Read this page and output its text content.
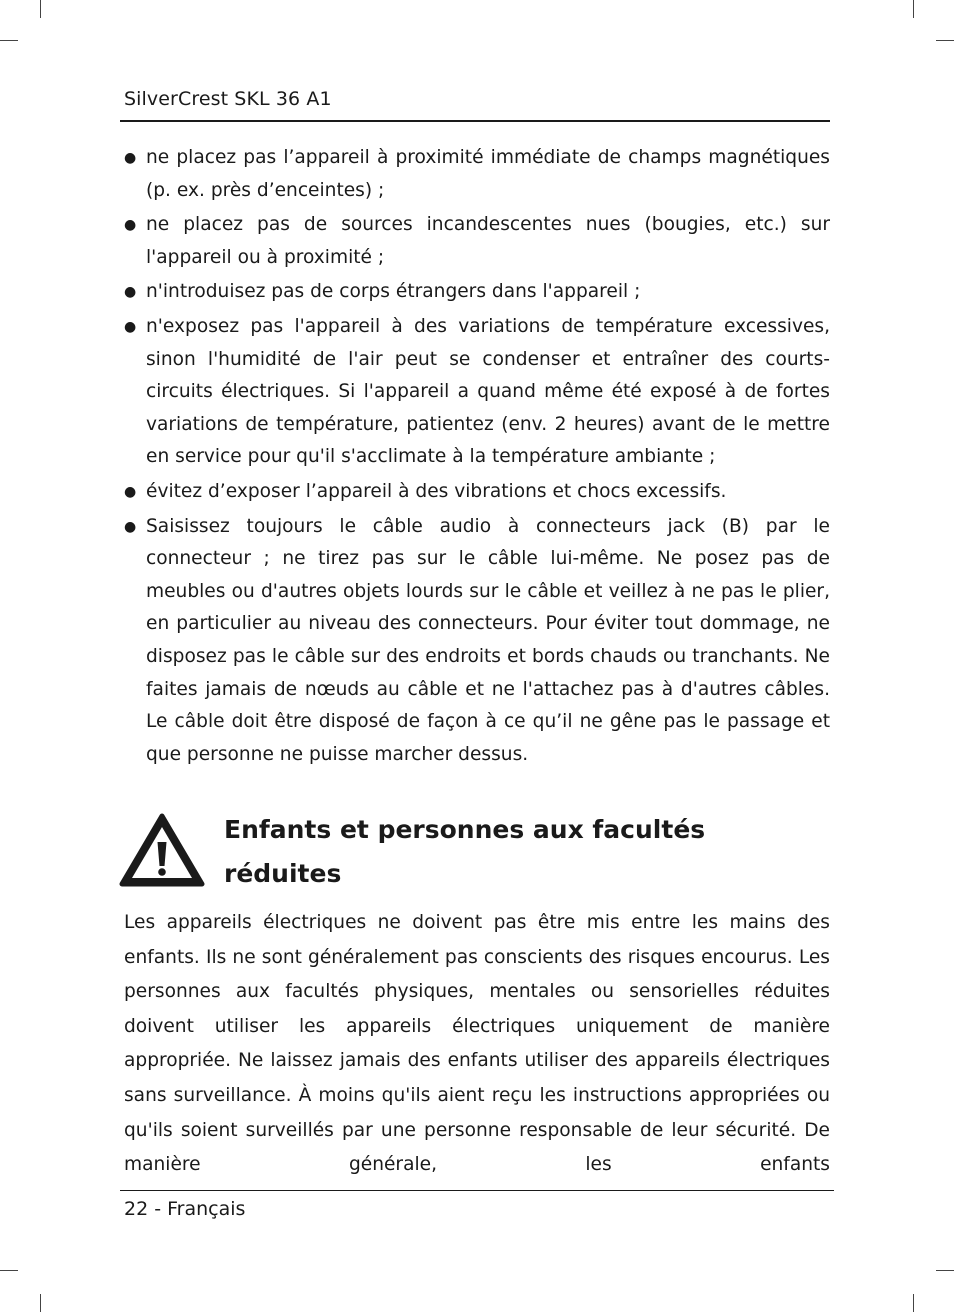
SilverCrest SKL 36 A1
● ne placez pas l’appareil à proximité immédiate de champs magnétiques (p. ex. près d’enceintes) ;
● ne placez pas de sources incandescentes nues (bougies, etc.) sur l'appareil ou à proximité ;
● n'introduisez pas de corps étrangers dans l'appareil ;
● n'exposez pas l'appareil à des variations de température excessives, sinon l'humidité de l'air peut se condenser et entraîner des courts-circuits électriques. Si l'appareil a quand même été exposé à de fortes variations de température, patientez (env. 2 heures) avant de le mettre en service pour qu'il s'acclimate à la température ambiante ;
● évitez d’exposer l’appareil à des vibrations et chocs excessifs.
● Saisissez toujours le câble audio à connecteurs jack (B) par le connecteur ; ne tirez pas sur le câble lui-même. Ne posez pas de meubles ou d'autres objets lourds sur le câble et veillez à ne pas le plier, en particulier au niveau des connecteurs. Pour éviter tout dommage, ne disposez pas le câble sur des endroits et bords chauds ou tranchants. Ne faites jamais de nœuds au câble et ne l'attachez pas à d'autres câbles. Le câble doit être disposé de façon à ce qu’il ne gêne pas le passage et que personne ne puisse marcher dessus.
Enfants et personnes aux facultés
réduites

Les appareils électriques ne doivent pas être mis entre les mains des enfants. Ils ne sont généralement pas conscients des risques encourus. Les personnes aux facultés physiques, mentales ou sensorielles réduites doivent utiliser les appareils électriques uniquement de manière appropriée. Ne laissez jamais des enfants utiliser des appareils électriques sans surveillance. À moins qu'ils aient reçu les instructions appropriées ou qu'ils soient surveillés par une personne responsable de leur sécurité. De manière générale, les enfants

22 - Français
